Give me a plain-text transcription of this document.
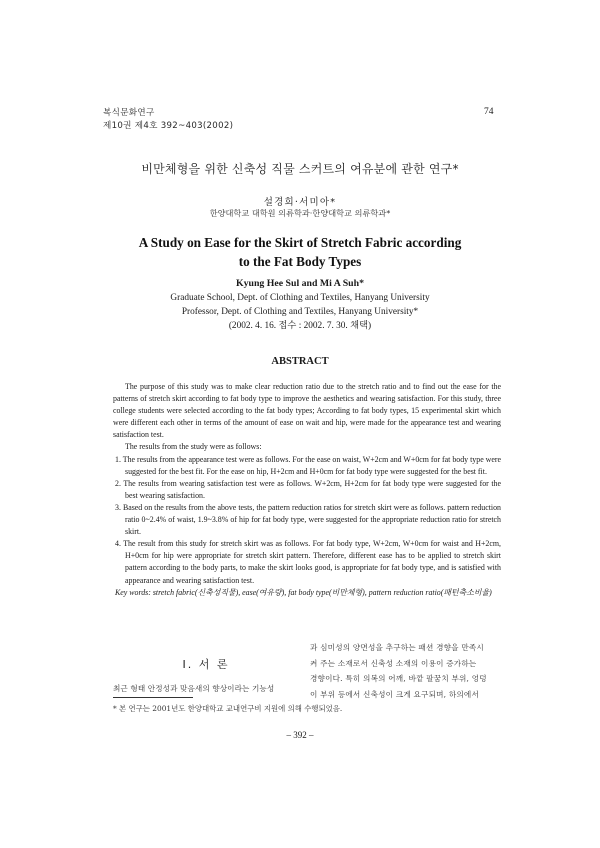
복식문화연구
제10권 제4호 392~403(2002)
74
비만체형을 위한 신축성 직물 스커트의 여유분에 관한 연구*
설경희·서미아*
한양대학교 대학원 의류학과·한양대학교 의류학과*
A Study on Ease for the Skirt of Stretch Fabric according
to the Fat Body Types
Kyung Hee Sul and Mi A Suh*
Graduate School, Dept. of Clothing and Textiles, Hanyang University
Professor, Dept. of Clothing and Textiles, Hanyang University*
(2002. 4. 16. 접수 : 2002. 7. 30. 채택)
ABSTRACT

The purpose of this study was to make clear reduction ratio due to the stretch ratio and to find out the ease for the patterns of stretch skirt according to fat body type to improve the aesthetics and wearing satisfaction. For this study, three college students were selected according to the fat body types; According to fat body types, 15 experimental skirt which were different each other in terms of the amount of ease on wait and hip, were made for the appearance test and wearing satisfaction test.

The results from the study were as follows:

1. The results from the appearance test were as follows. For the ease on waist, W+2cm and W+0cm for fat body type were suggested for the best fit. For the ease on hip, H+2cm and H+0cm for fat body type were suggested for the best fit.
2. The results from wearing satisfaction test were as follows. W+2cm, H+2cm for fat body type were suggested for the best wearing satisfaction.
3. Based on the results from the above tests, the pattern reduction ratios for stretch skirt were as follows. pattern reduction ratio 0~2.4% of waist, 1.9~3.8% of hip for fat body type, were suggested for the appropriate reduction ratio for stretch skirt.
4. The result from this study for stretch skirt was as follows. For fat body type, W+2cm, W+0cm for waist and H+2cm, H+0cm for hip were appropriate for stretch skirt pattern. Therefore, different ease has to be applied to stretch skirt pattern according to the body parts, to make the skirt looks good, is appropriate for fat body type, and is satisfied with appearance and wearing satisfaction test.

Key words: stretch fabric(신축성직물), ease(여유량), fat body type(비만체형), pattern reduction ratio(패턴축소비율)

Ⅰ. 서 론
최근 형태 안정성과 맞음새의 향상이라는 기능성
과 심미성의 양면성을 추구하는 패션 경향을 만족시
켜 주는 소재로서 신축성 소재의 이용이 증가하는
경향이다. 특히 의복의 어깨, 바깥 팔꿈치 부위, 엉덩
이 부위 등에서 신축성이 크게 요구되며, 하의에서
* 본 연구는 2001년도 한양대학교 교내연구비 지원에 의해 수행되었음.
– 392 –
